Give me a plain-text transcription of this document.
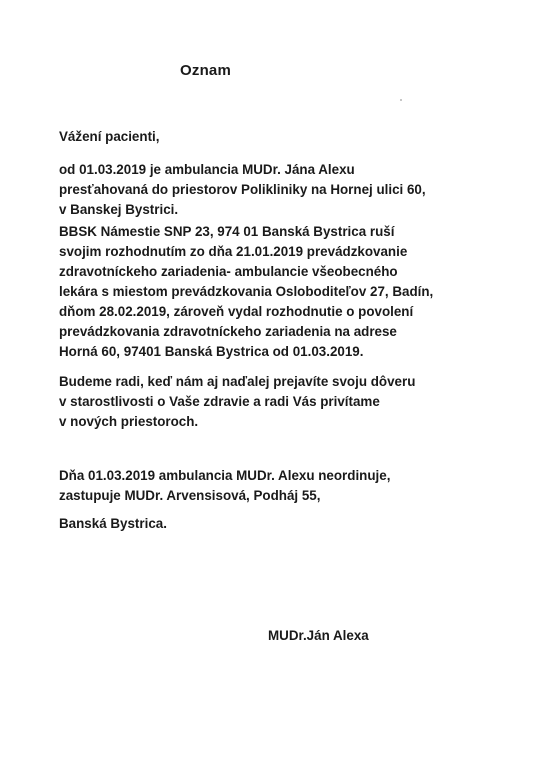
Oznam
Vážení pacienti,
od 01.03.2019 je ambulancia MUDr. Jána Alexu
presťahovaná do priestorov Polikliniky na Hornej ulici 60,
v Banskej Bystrici.
BBSK Námestie SNP 23, 974 01 Banská Bystrica ruší
svojim rozhodnutím zo dňa 21.01.2019 prevádzkovanie
zdravotníckeho zariadenia- ambulancie všeobecného
lekára s miestom prevádzkovania Osloboditeľov 27, Badín,
dňom 28.02.2019, zároveň vydal rozhodnutie o povolení
prevádzkovania zdravotníckeho zariadenia na adrese
Horná 60, 97401 Banská Bystrica od 01.03.2019.
Budeme radi, keď nám aj naďalej prejavíte svoju dôveru
v starostlivosti o Vaše zdravie a radi Vás privítame
v nových priestoroch.
Dňa 01.03.2019 ambulancia MUDr. Alexu neordinuje,
zastupuje MUDr. Arvensisová, Podháj 55,
Banská Bystrica.
MUDr.Ján Alexa
